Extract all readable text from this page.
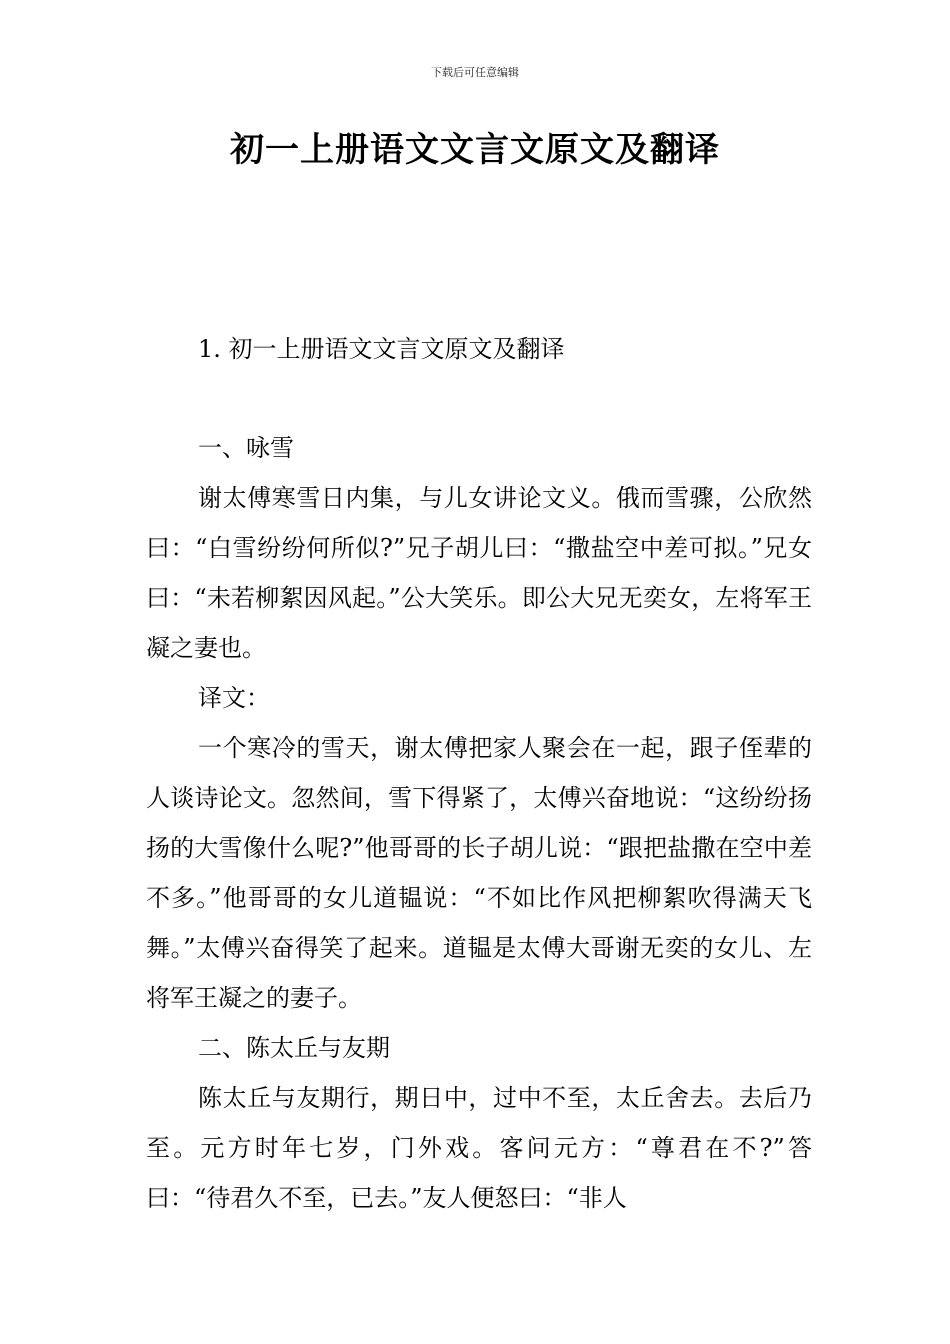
下载后可任意编辑
初一上册语文文言文原文及翻译
1. 初一上册语文文言文原文及翻译

一、咏雪

谢太傅寒雪日内集，与儿女讲论文义。俄而雪骤，公欣然曰：“白雪纷纷何所似?”兄子胡儿曰：“撒盐空中差可拟。”兄女曰：“未若柳絮因风起。”公大笑乐。即公大兄无奕女，左将军王凝之妻也。

译文：

一个寒冷的雪天，谢太傅把家人聚会在一起，跟子侄辈的人谈诗论文。忽然间，雪下得紧了，太傅兴奋地说：“这纷纷扬扬的大雪像什么呢?”他哥哥的长子胡儿说：“跟把盐撒在空中差不多。”他哥哥的女儿道韫说：“不如比作风把柳絮吹得满天飞舞。”太傅兴奋得笑了起来。道韫是太傅大哥谢无奕的女儿、左将军王凝之的妻子。

二、陈太丘与友期

陈太丘与友期行，期日中，过中不至，太丘舍去。去后乃至。元方时年七岁，门外戏。客问元方：“尊君在不?”答曰：“待君久不至，已去。”友人便怒曰：“非人
